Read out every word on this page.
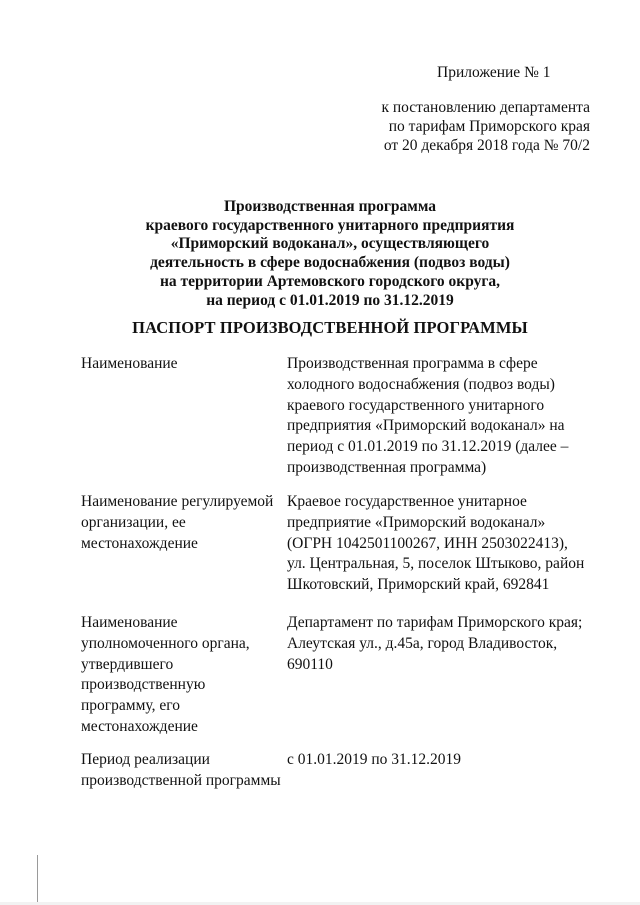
Приложение № 1
к постановлению департамента
по тарифам Приморского края
от 20 декабря 2018 года № 70/2
Производственная программа
краевого государственного унитарного предприятия
«Приморский водоканал», осуществляющего
деятельность в сфере водоснабжения (подвоз воды)
на территории Артемовского городского округа,
на период с 01.01.2019 по 31.12.2019
ПАСПОРТ ПРОИЗВОДСТВЕННОЙ ПРОГРАММЫ
Наименование	Производственная программа в сфере
холодного водоснабжения (подвоз воды)
краевого государственного унитарного
предприятия «Приморский водоканал» на
период с 01.01.2019 по 31.12.2019 (далее –
производственная программа)
Наименование регулируемой
организации, ее
местонахождение
Краевое государственное унитарное
предприятие «Приморский водоканал»
(ОГРН 1042501100267, ИНН 2503022413),
ул. Центральная, 5, поселок Штыково, район
Шкотовский, Приморский край, 692841
Наименование
уполномоченного органа,
утвердившего
производственную
программу, его
местонахождение
Департамент по тарифам Приморского края;
Алеутская ул., д.45а, город Владивосток,
690110
Период реализации
производственной программы
с 01.01.2019 по 31.12.2019
